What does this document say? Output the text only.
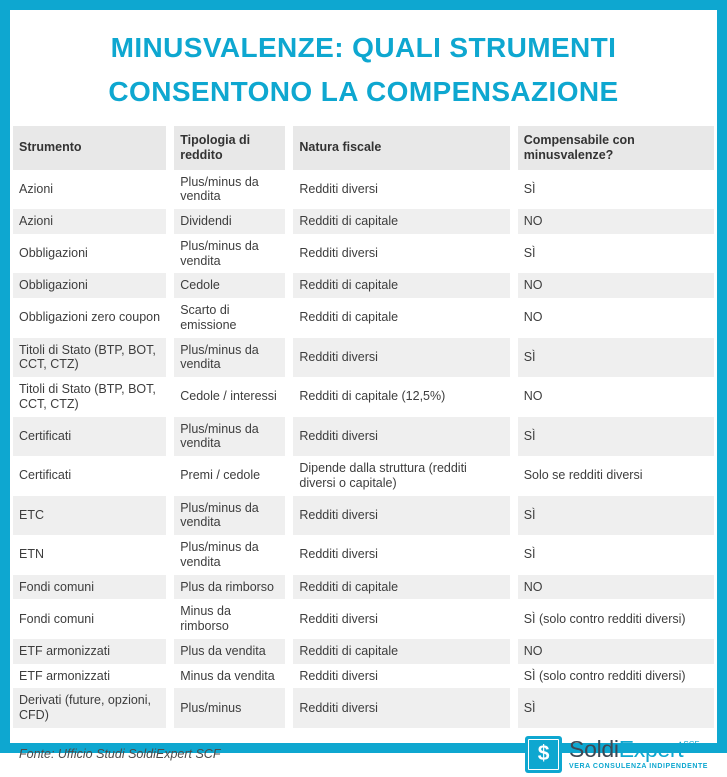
MINUSVALENZE: QUALI STRUMENTI
CONSENTONO LA COMPENSAZIONE
Strumento	Tipologia di reddito	Natura fiscale	Compensabile con minusvalenze?
Azioni	Plus/minus da vendita	Redditi diversi	SÌ
Azioni	Dividendi	Redditi di capitale	NO
Obbligazioni	Plus/minus da vendita	Redditi diversi	SÌ
Obbligazioni	Cedole	Redditi di capitale	NO
Obbligazioni zero coupon	Scarto di emissione	Redditi di capitale	NO
Titoli di Stato (BTP, BOT, CCT, CTZ)	Plus/minus da vendita	Redditi diversi	SÌ
Titoli di Stato (BTP, BOT, CCT, CTZ)	Cedole / interessi	Redditi di capitale (12,5%)	NO
Certificati	Plus/minus da vendita	Redditi diversi	SÌ
Certificati	Premi / cedole	Dipende dalla struttura (redditi diversi o capitale)	Solo se redditi diversi
ETC	Plus/minus da vendita	Redditi diversi	SÌ
ETN	Plus/minus da vendita	Redditi diversi	SÌ
Fondi comuni	Plus da rimborso	Redditi di capitale	NO
Fondi comuni	Minus da rimborso	Redditi diversi	SÌ (solo contro redditi diversi)
ETF armonizzati	Plus da vendita	Redditi di capitale	NO
ETF armonizzati	Minus da vendita	Redditi diversi	SÌ (solo contro redditi diversi)
Derivati (future, opzioni, CFD)	Plus/minus	Redditi diversi	SÌ
Fonte: Ufficio Studi SoldiExpert SCF	$ SoldiExpert$^{SCF}$
VERA CONSULENZA INDIPENDENTE
